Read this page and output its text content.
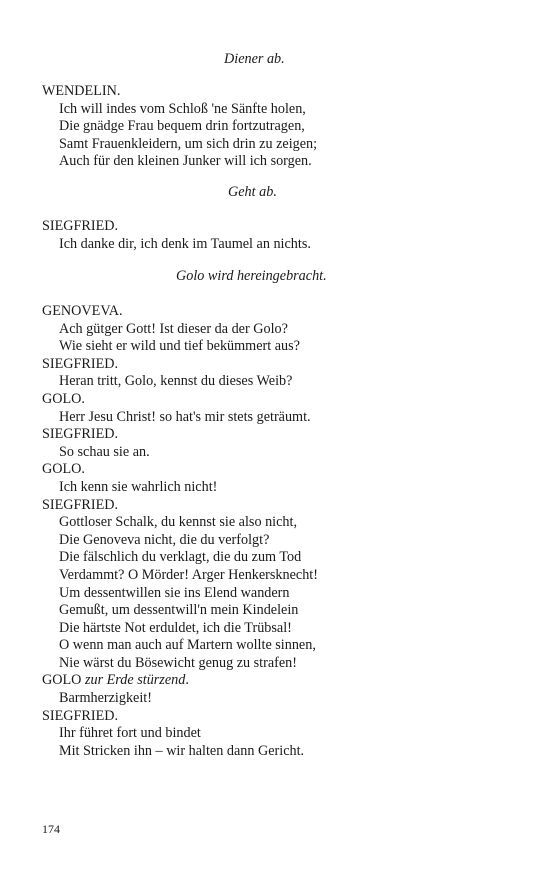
Diener ab.
WENDELIN.
Ich will indes vom Schloß 'ne Sänfte holen,
Die gnädge Frau bequem drin fortzutragen,
Samt Frauenkleidern, um sich drin zu zeigen;
Auch für den kleinen Junker will ich sorgen.
Geht ab.
SIEGFRIED.
Ich danke dir, ich denk im Taumel an nichts.
Golo wird hereingebracht.
GENOVEVA.
Ach gütger Gott! Ist dieser da der Golo?
Wie sieht er wild und tief bekümmert aus?
SIEGFRIED.
Heran tritt, Golo, kennst du dieses Weib?
GOLO.
Herr Jesu Christ! so hat's mir stets geträumt.
SIEGFRIED.
So schau sie an.
GOLO.
Ich kenn sie wahrlich nicht!
SIEGFRIED.
Gottloser Schalk, du kennst sie also nicht,
Die Genoveva nicht, die du verfolgt?
Die fälschlich du verklagt, die du zum Tod
Verdammt? O Mörder! Arger Henkersknecht!
Um dessentwillen sie ins Elend wandern
Gemußt, um dessentwill'n mein Kindelein
Die härtste Not erduldet, ich die Trübsal!
O wenn man auch auf Martern wollte sinnen,
Nie wärst du Bösewicht genug zu strafen!
GOLO zur Erde stürzend.
Barmherzigkeit!
SIEGFRIED.
Ihr führet fort und bindet
Mit Stricken ihn – wir halten dann Gericht.
174
